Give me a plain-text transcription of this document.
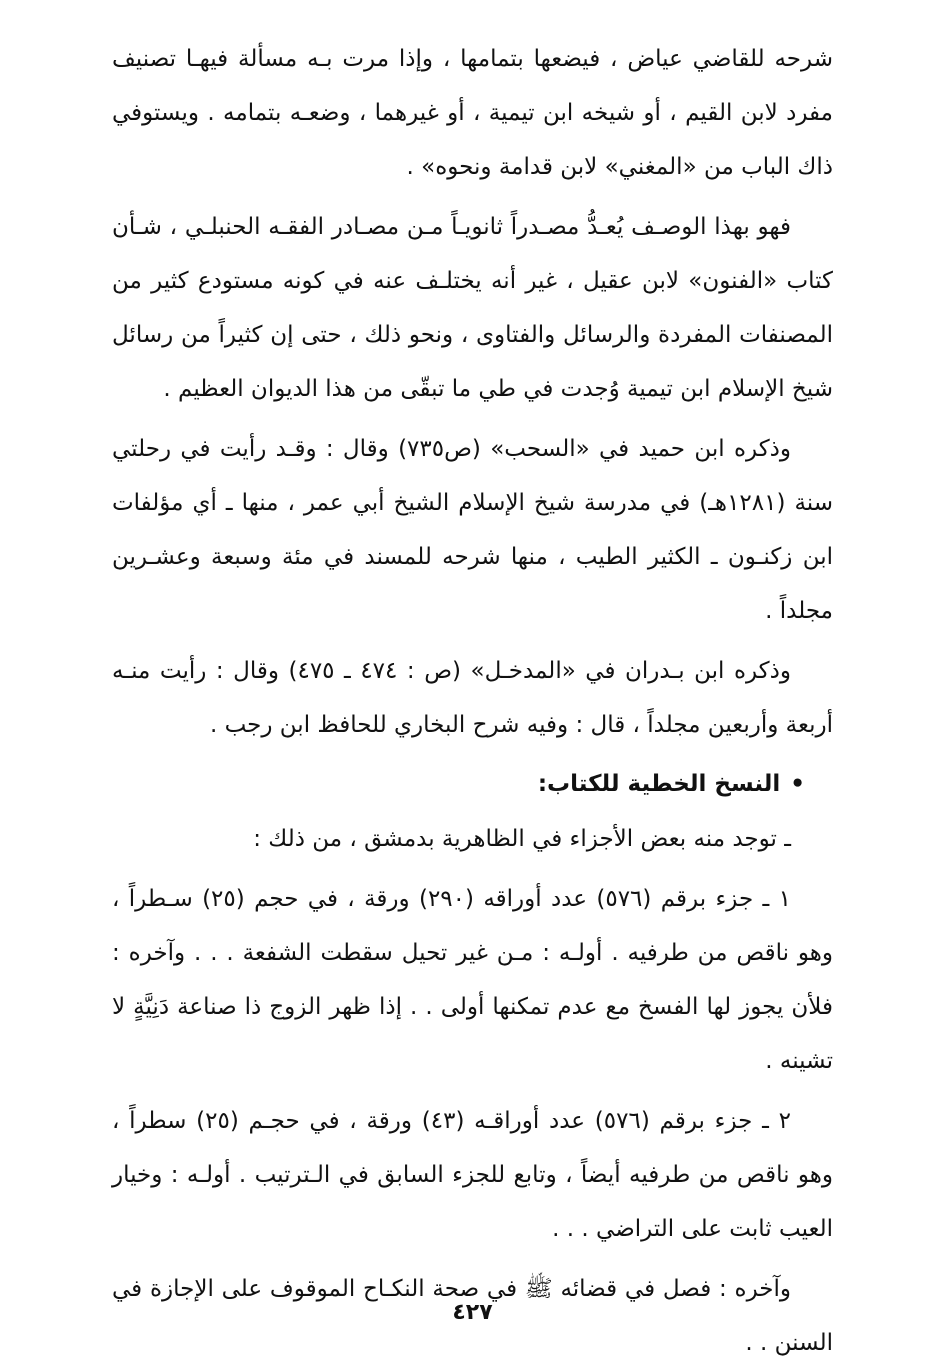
شرحه للقاضي عياض ، فيضعها بتمامها ، وإذا مرت بـه مسألة فيهـا تصنيف مفرد لابن القيم ، أو شيخه ابن تيمية ، أو غيرهما ، وضعـه بتمامه . ويستوفي ذاك الباب من «المغني» لابن قدامة ونحوه» .

فهو بهذا الوصـف يُعـدُّ مصـدراً ثانويـاً مـن مصـادر الفقـه الحنبلـي ، شـأن كتاب «الفنون» لابن عقيل ، غير أنه يختلـف عنه في كونه مستودع كثير من المصنفات المفردة والرسائل والفتاوى ، ونحو ذلك ، حتى إن كثيراً من رسائل شيخ الإسلام ابن تيمية وُجدت في طي ما تبقّى من هذا الديوان العظيم .

وذكره ابن حميد في «السحب» (ص٧٣٥) وقال : وقـد رأيت في رحلتي سنة (١٢٨١هـ) في مدرسة شيخ الإسلام الشيخ أبي عمر ، منها ـ أي مؤلفات ابن زكنـون ـ الكثير الطيب ، منها شرحه للمسند في مئة وسبعة وعشـرين مجلداً .

وذكره ابن بـدران في «المدخـل» (ص : ٤٧٤ ـ ٤٧٥) وقال : رأيت منـه أربعة وأربعين مجلداً ، قال : وفيه شرح البخاري للحافظ ابن رجب .

•النسخ الخطية للكتاب:

ـ توجد منه بعض الأجزاء في الظاهرية بدمشق ، من ذلك :

١ ـ جزء برقم (٥٧٦) عدد أوراقه (٢٩٠) ورقة ، في حجم (٢٥) سـطراً ، وهو ناقص من طرفيه . أولـه : مـن غير تحيل سقطت الشفعة . . . وآخره : فلأن يجوز لها الفسخ مع عدم تمكنها أولى . . إذا ظهر الزوج ذا صناعة دَنِيَّةٍ لا تشينه .

٢ ـ جزء برقم (٥٧٦) عدد أوراقـه (٤٣) ورقة ، في حجـم (٢٥) سطراً ، وهو ناقص من طرفيه أيضاً ، وتابع للجزء السابق في الـترتيب . أولـه : وخيار العيب ثابت على التراضي . . .

وآخره : فصل في قضائه ﷺ في صحة النكـاح الموقوف على الإجازة في السنن . .

٤٢٧
